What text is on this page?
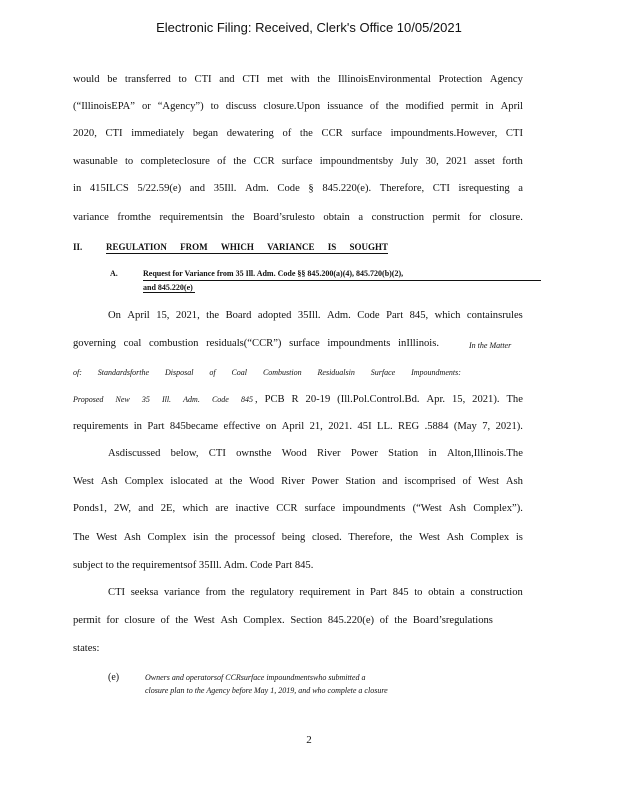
Electronic Filing: Received, Clerk's Office 10/05/2021
would be transferred to CTI and CTI met with the IllinoisEnvironmental Protection Agency
(“IllinoisEPA” or “Agency”) to discuss closure.Upon issuance of the modified permit in April
2020, CTI immediately began dewatering of the CCR surface impoundments.However, CTI
wasunable to completeclosure of the CCR surface impoundmentsby July 30, 2021 asset forth
in 415ILCS 5/22.59(e) and 35Ill. Adm. Code § 845.220(e). Therefore, CTI isrequesting a
variance fromthe requirementsin the Board’srulesto obtain a construction permit for closure.
II.	REGULATION FROM WHICH VARIANCE IS SOUGHT
A.	Request for Variance from 35 Ill. Adm. Code §§ 845.200(a)(4), 845.720(b)(2),
and 845.220(e)
On April 15, 2021, the Board adopted 35Ill. Adm. Code Part 845, which containsrules
governing coal combustion residuals(“CCR”) surface impoundments inIllinois.	In the Matter
of: Standardsforthe Disposal of Coal Combustion Residualsin Surface Impoundments:
Proposed New 35 Ill. Adm. Code 845 , PCB R 20-19 (Ill.Pol.Control.Bd. Apr. 15, 2021). The
requirements in Part 845became effective on April 21, 2021. 45I LL. REG .5884 (May 7, 2021).
Asdiscussed below, CTI ownsthe Wood River Power Station in Alton,Illinois.The
West Ash Complex islocated at the Wood River Power Station and iscomprised of West Ash
Ponds1, 2W, and 2E, which are inactive CCR surface impoundments (“West Ash Complex”).
The West Ash Complex isin the processof being closed. Therefore, the West Ash Complex is
subject to the requirementsof 35Ill. Adm. Code Part 845.
CTI seeksa variance from the regulatory requirement in Part 845 to obtain a construction
permit for closure of the West Ash Complex. Section 845.220(e) of the Board’sregulations
states:
(e)	Owners and operatorsof CCRsurface impoundmentswho submitted a
closure plan to the Agency before May 1, 2019, and who complete a closure
2
